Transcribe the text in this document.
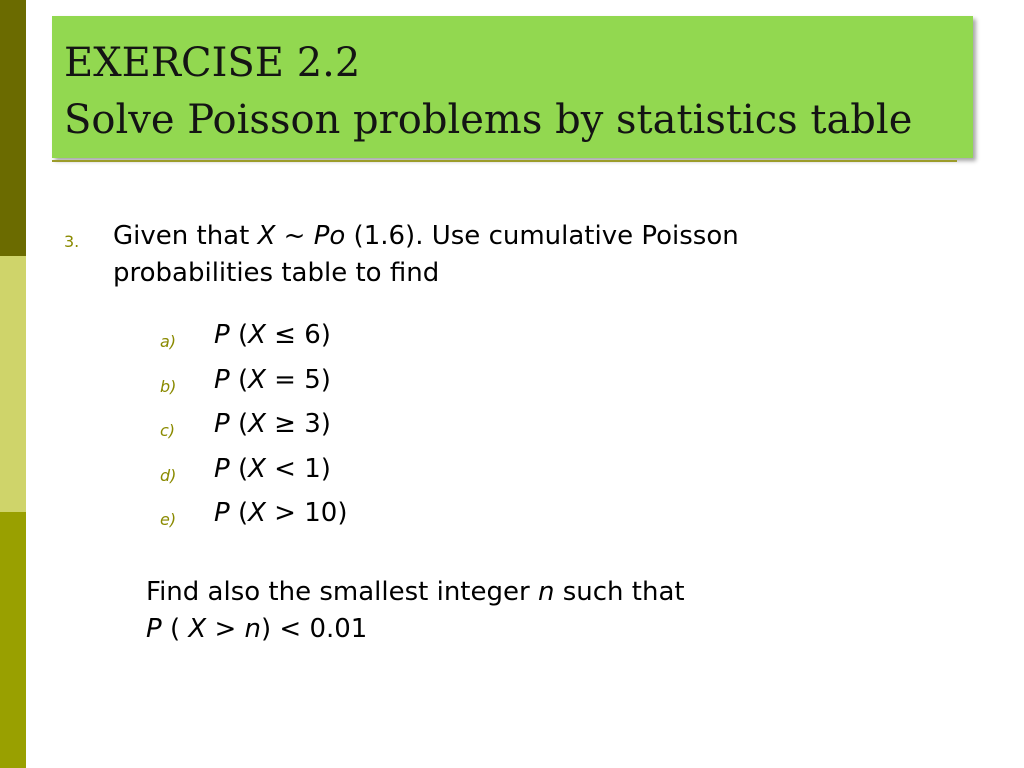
EXERCISE 2.2
Solve Poisson problems by statistics table
3. Given that X ~ Po (1.6). Use cumulative Poisson
probabilities table to find
a) P (X ≤ 6)
b) P (X = 5)
c) P (X ≥ 3)
d) P (X < 1)
e) P (X > 10)
Find also the smallest integer n such that
P ( X > n) < 0.01
